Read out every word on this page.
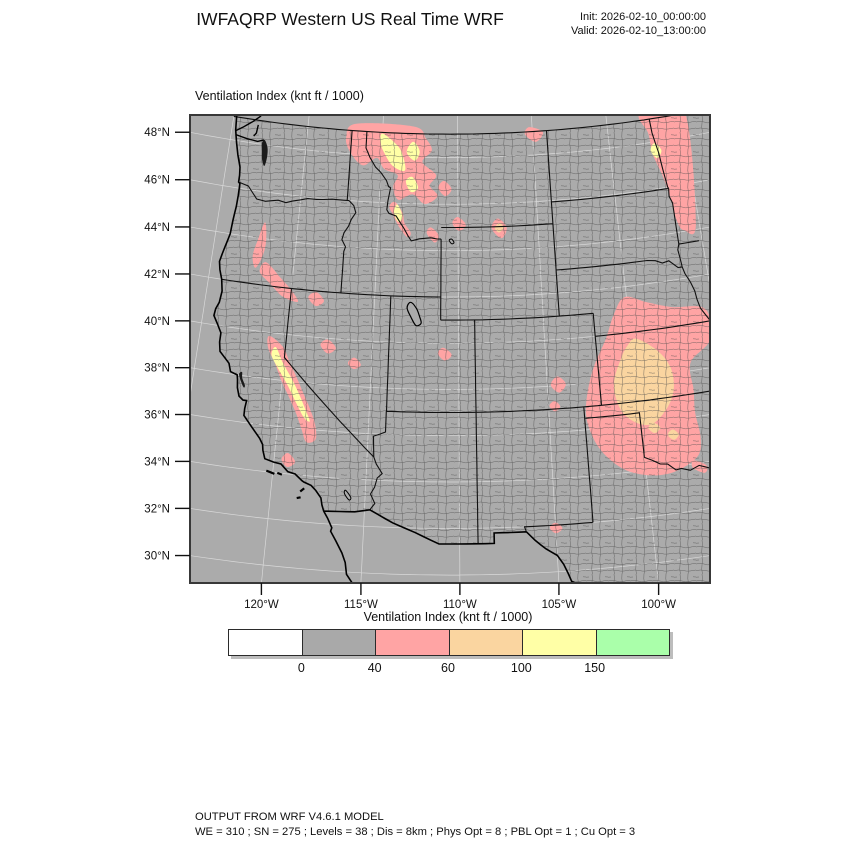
IWFAQRP Western US Real Time WRF	Init: 2026-02-10_00:00:00
Valid: 2026-02-10_13:00:00
Ventilation Index (knt ft / 1000)
48°N
46°N
44°N
42°N
40°N
38°N
36°N
34°N
32°N
30°N
120°W	115°W	110°W	105°W	100°W
Ventilation Index (knt ft / 1000)
0	40	60	100	150
OUTPUT FROM WRF V4.6.1 MODEL
WE = 310 ; SN = 275 ; Levels = 38 ; Dis = 8km ; Phys Opt = 8 ; PBL Opt = 1 ; Cu Opt = 3
